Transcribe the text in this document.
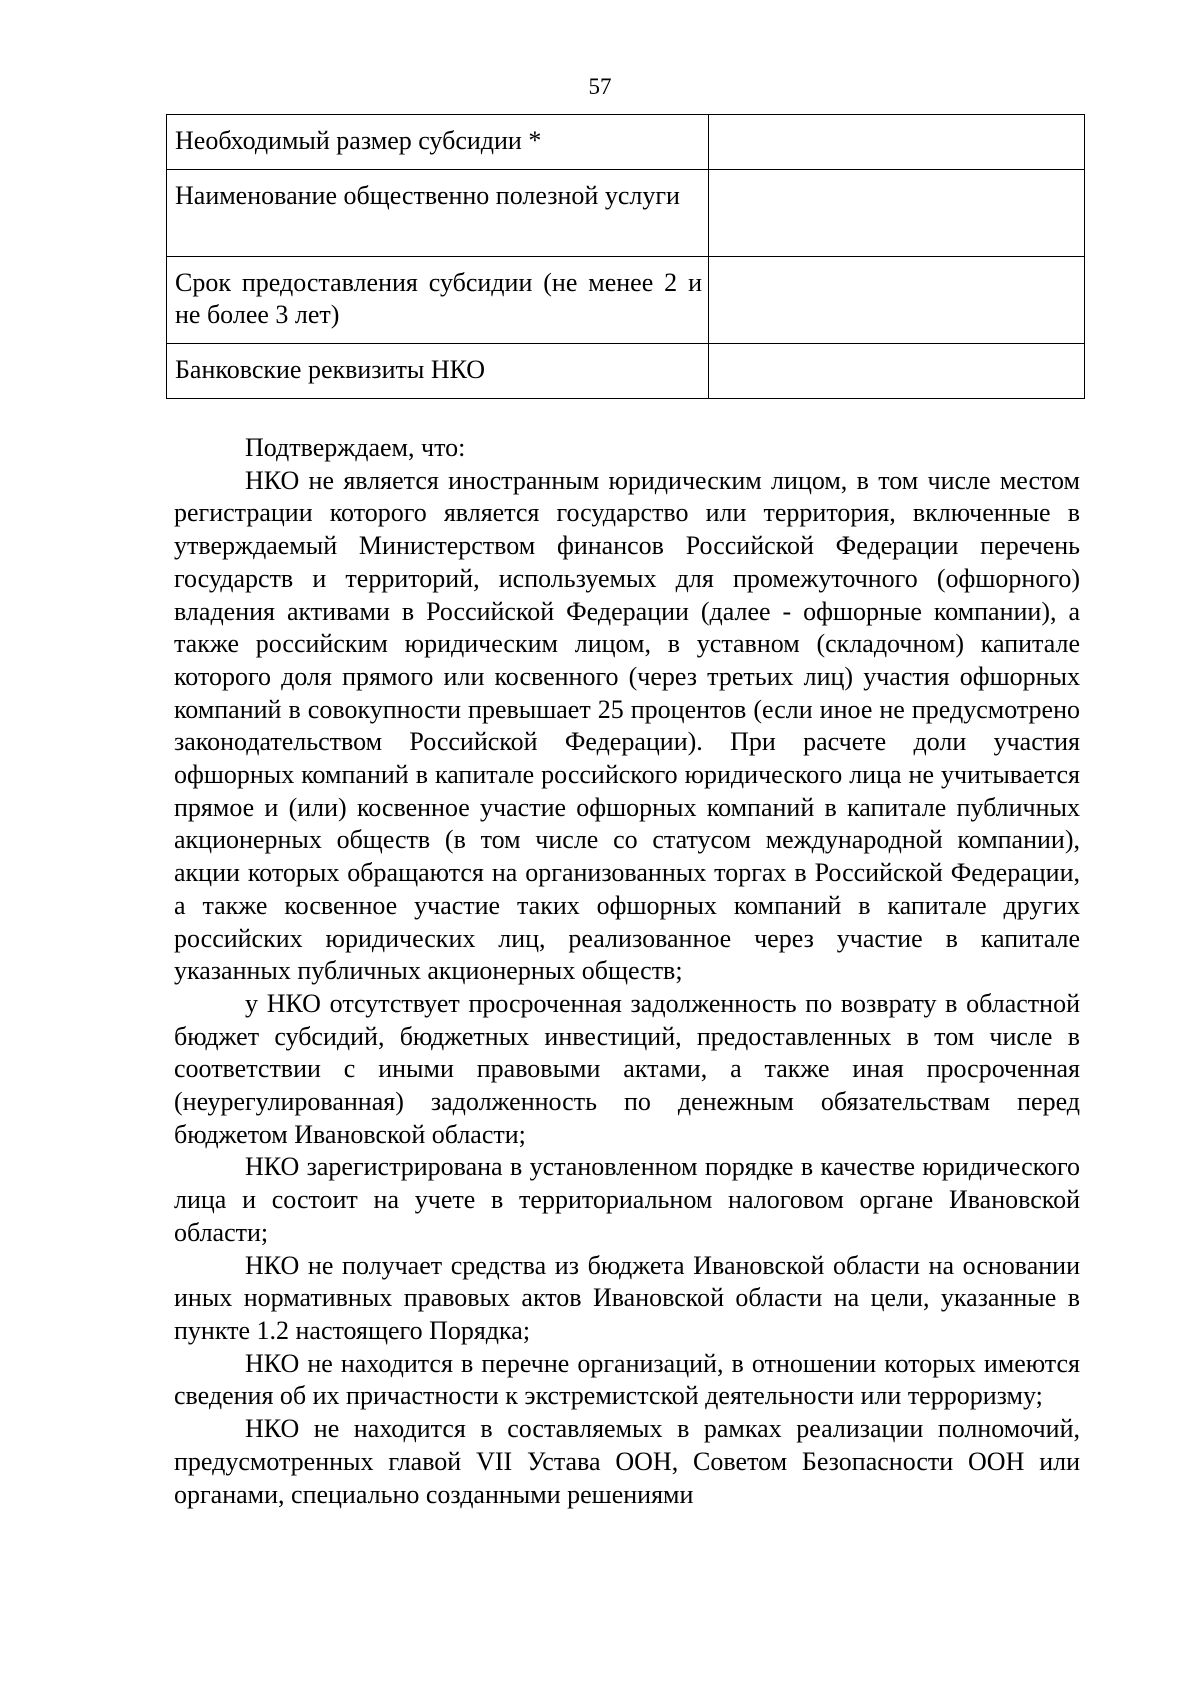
57
Необходимый размер субсидии *	
Наименование общественно полезной услуги	
Срок предоставления субсидии (не менее 2 и не более 3 лет)	
Банковские реквизиты НКО	

Подтверждаем, что:

НКО не является иностранным юридическим лицом, в том числе местом регистрации которого является государство или территория, включенные в утверждаемый Министерством финансов Российской Федерации перечень государств и территорий, используемых для промежуточного (офшорного) владения активами в Российской Федерации (далее - офшорные компании), а также российским юридическим лицом, в уставном (складочном) капитале которого доля прямого или косвенного (через третьих лиц) участия офшорных компаний в совокупности превышает 25 процентов (если иное не предусмотрено законодательством Российской Федерации). При расчете доли участия офшорных компаний в капитале российского юридического лица не учитывается прямое и (или) косвенное участие офшорных компаний в капитале публичных акционерных обществ (в том числе со статусом международной компании), акции которых обращаются на организованных торгах в Российской Федерации, а также косвенное участие таких офшорных компаний в капитале других российских юридических лиц, реализованное через участие в капитале указанных публичных акционерных обществ;

у НКО отсутствует просроченная задолженность по возврату в областной бюджет субсидий, бюджетных инвестиций, предоставленных в том числе в соответствии с иными правовыми актами, а также иная просроченная (неурегулированная) задолженность по денежным обязательствам перед бюджетом Ивановской области;

НКО зарегистрирована в установленном порядке в качестве юридического лица и состоит на учете в территориальном налоговом органе Ивановской области;

НКО не получает средства из бюджета Ивановской области на основании иных нормативных правовых актов Ивановской области на цели, указанные в пункте 1.2 настоящего Порядка;

НКО не находится в перечне организаций, в отношении которых имеются сведения об их причастности к экстремистской деятельности или терроризму;

НКО не находится в составляемых в рамках реализации полномочий, предусмотренных главой VII Устава ООН, Советом Безопасности ООН или органами, специально созданными решениями
